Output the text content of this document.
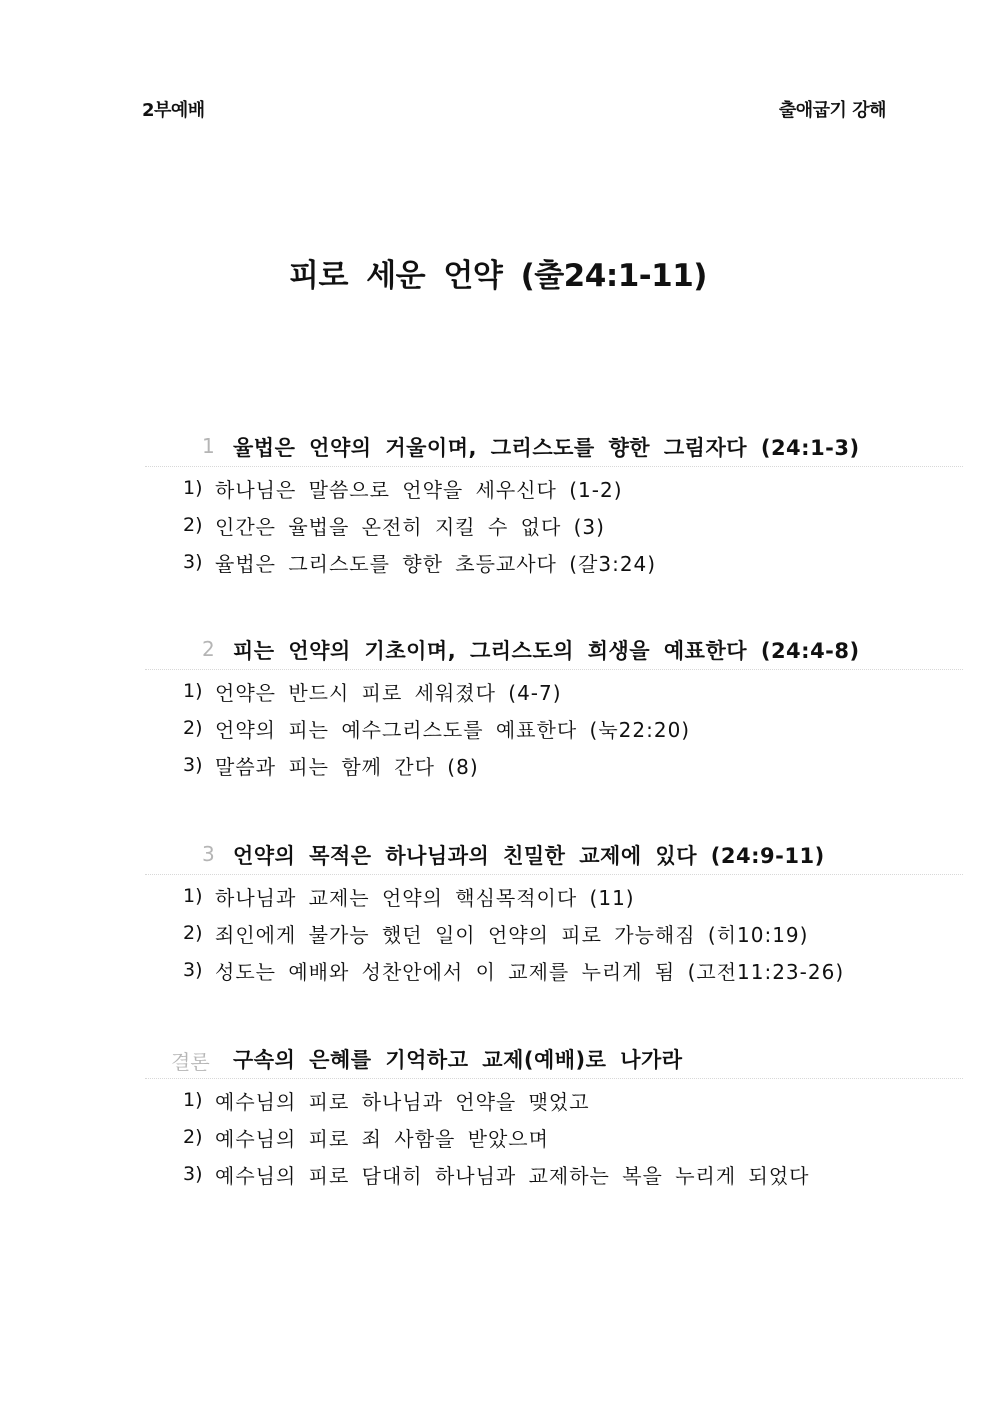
2부예배	출애굽기 강해
피로 세운 언약 (출24:1-11)
1 율법은 언약의 거울이며, 그리스도를 향한 그림자다 (24:1-3)
1) 하나님은 말씀으로 언약을 세우신다 (1-2)
2) 인간은 율법을 온전히 지킬 수 없다 (3)
3) 율법은 그리스도를 향한 초등교사다 (갈3:24)
2 피는 언약의 기초이며, 그리스도의 희생을 예표한다 (24:4-8)
1) 언약은 반드시 피로 세워졌다 (4-7)
2) 언약의 피는 예수그리스도를 예표한다 (눅22:20)
3) 말씀과 피는 함께 간다 (8)
3 언약의 목적은 하나님과의 친밀한 교제에 있다 (24:9-11)
1) 하나님과 교제는 언약의 핵심목적이다 (11)
2) 죄인에게 불가능 했던 일이 언약의 피로 가능해짐 (히10:19)
3) 성도는 예배와 성찬안에서 이 교제를 누리게 됨 (고전11:23-26)
결론 구속의 은혜를 기억하고 교제(예배)로 나가라
1) 예수님의 피로 하나님과 언약을 맺었고
2) 예수님의 피로 죄 사함을 받았으며
3) 예수님의 피로 담대히 하나님과 교제하는 복을 누리게 되었다
